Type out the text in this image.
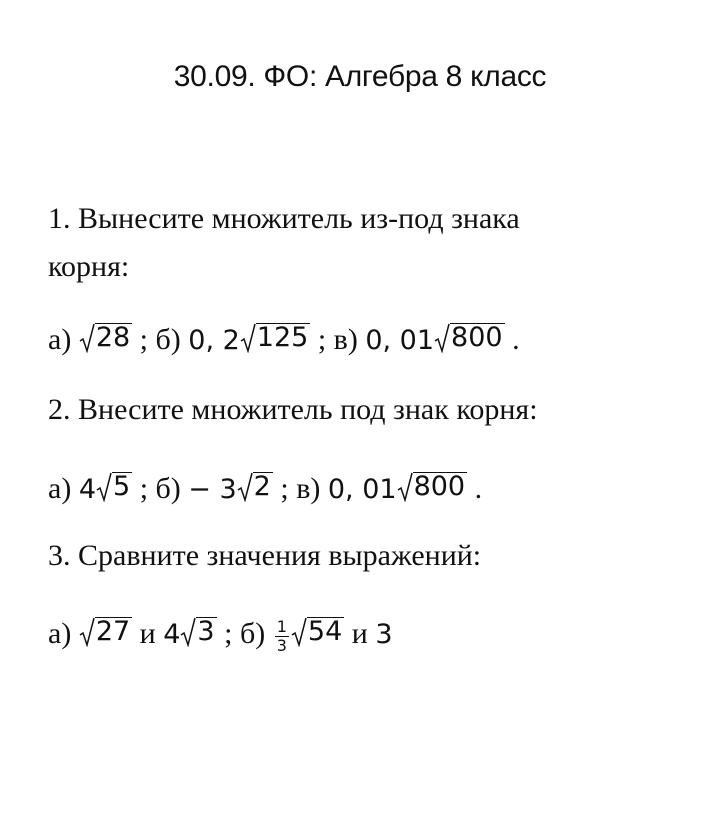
30.09. ФО: Алгебра 8 класс
1. Вынесите множитель из-под знака
корня:
а) 28 ; б) 0, 2 125 ; в) 0, 01 800 .
2. Внесите множитель под знак корня:
а) 4 5 ; б) − 3 2 ; в) 0, 01 800 .
3. Сравните значения выражений:
а) 27 и 4 3 ; $б) \frac{1}{3} 54$ и 3
